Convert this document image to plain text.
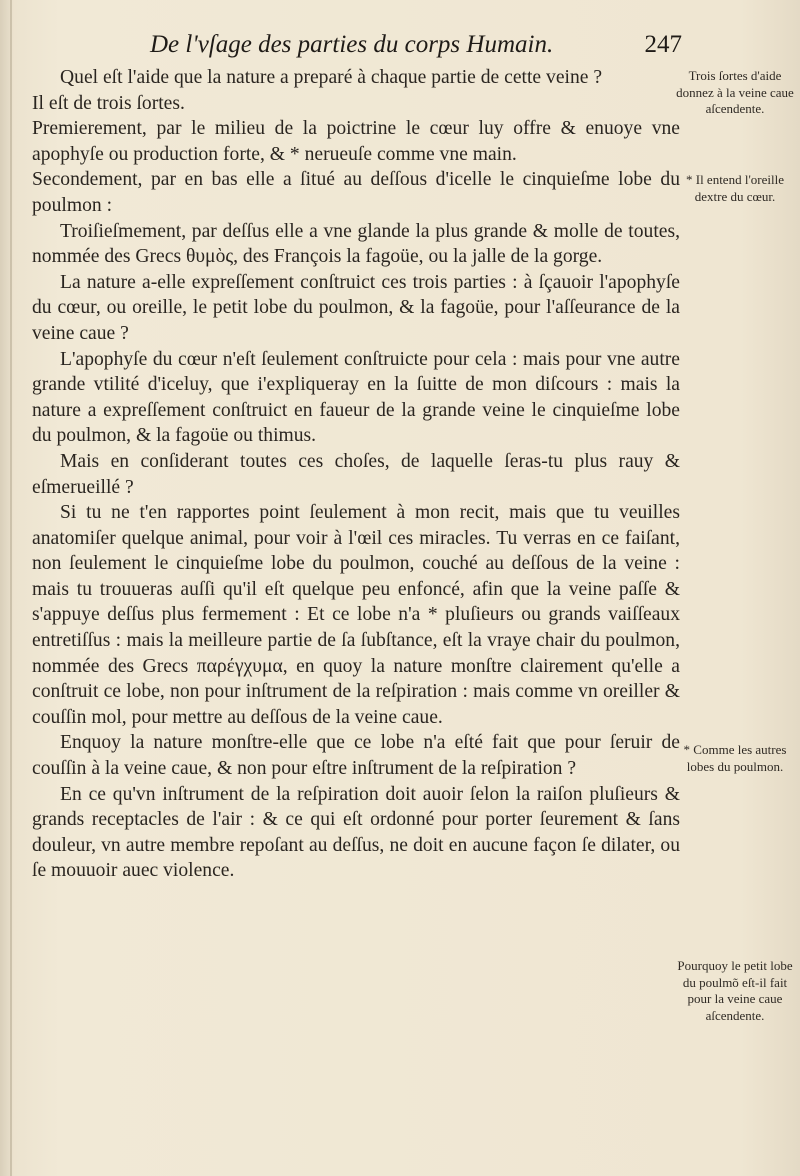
De l'vſage des parties du corps Humain.	247

Quel eſt l'aide que la nature a preparé à chaque partie de cette veine ?

Il eſt de trois ſortes.

Premierement, par le milieu de la poictrine le cœur luy offre & enuoye vne apophyſe ou production forte, & * nerueuſe comme vne main.

Secondement, par en bas elle a ſitué au deſſous d'icelle le cinquieſme lobe du poulmon :

Troiſieſmement, par deſſus elle a vne glande la plus grande & molle de toutes, nommée des Grecs θυμὸς, des François la fagoüe, ou la jalle de la gorge.

La nature a-elle expreſſement conſtruict ces trois parties : à ſçauoir l'apophyſe du cœur, ou oreille, le petit lobe du poulmon, & la fagoüe, pour l'aſſeurance de la veine caue ?

L'apophyſe du cœur n'eſt ſeulement conſtruicte pour cela : mais pour vne autre grande vtilité d'iceluy, que i'expliqueray en la ſuitte de mon diſcours : mais la nature a expreſſement conſtruict en faueur de la grande veine le cinquieſme lobe du poulmon, & la fagoüe ou thimus.

Mais en conſiderant toutes ces choſes, de laquelle ſeras-tu plus rauy & eſmerueillé ?

Si tu ne t'en rapportes point ſeulement à mon recit, mais que tu veuilles anatomiſer quelque animal, pour voir à l'œil ces miracles. Tu verras en ce faiſant, non ſeulement le cinquieſme lobe du poulmon, couché au deſſous de la veine : mais tu trouueras auſſi qu'il eſt quelque peu enfoncé, afin que la veine paſſe & s'appuye deſſus plus fermement : Et ce lobe n'a * pluſieurs ou grands vaiſſeaux entretiſſus : mais la meilleure partie de ſa ſubſtance, eſt la vraye chair du poulmon, nommée des Grecs παρέγχυμα, en quoy la nature monſtre clairement qu'elle a conſtruit ce lobe, non pour inſtrument de la reſpiration : mais comme vn oreiller & couſſin mol, pour mettre au deſſous de la veine caue.

Enquoy la nature monſtre-elle que ce lobe n'a eſté fait que pour ſeruir de couſſin à la veine caue, & non pour eſtre inſtrument de la reſpiration ?

En ce qu'vn inſtrument de la reſpiration doit auoir ſelon la raiſon pluſieurs & grands receptacles de l'air : & ce qui eſt ordonné pour porter ſeurement & ſans douleur, vn autre membre repoſant au deſſus, ne doit en aucune façon ſe dilater, ou ſe mouuoir auec violence.

Trois ſortes d'aide donnez à la veine caue aſcendente.
* Il entend l'oreille dextre du cœur.
* Comme les autres lobes du poulmon.
Pourquoy le petit lobe du poulmõ eſt-il fait pour la veine caue aſcendente.
